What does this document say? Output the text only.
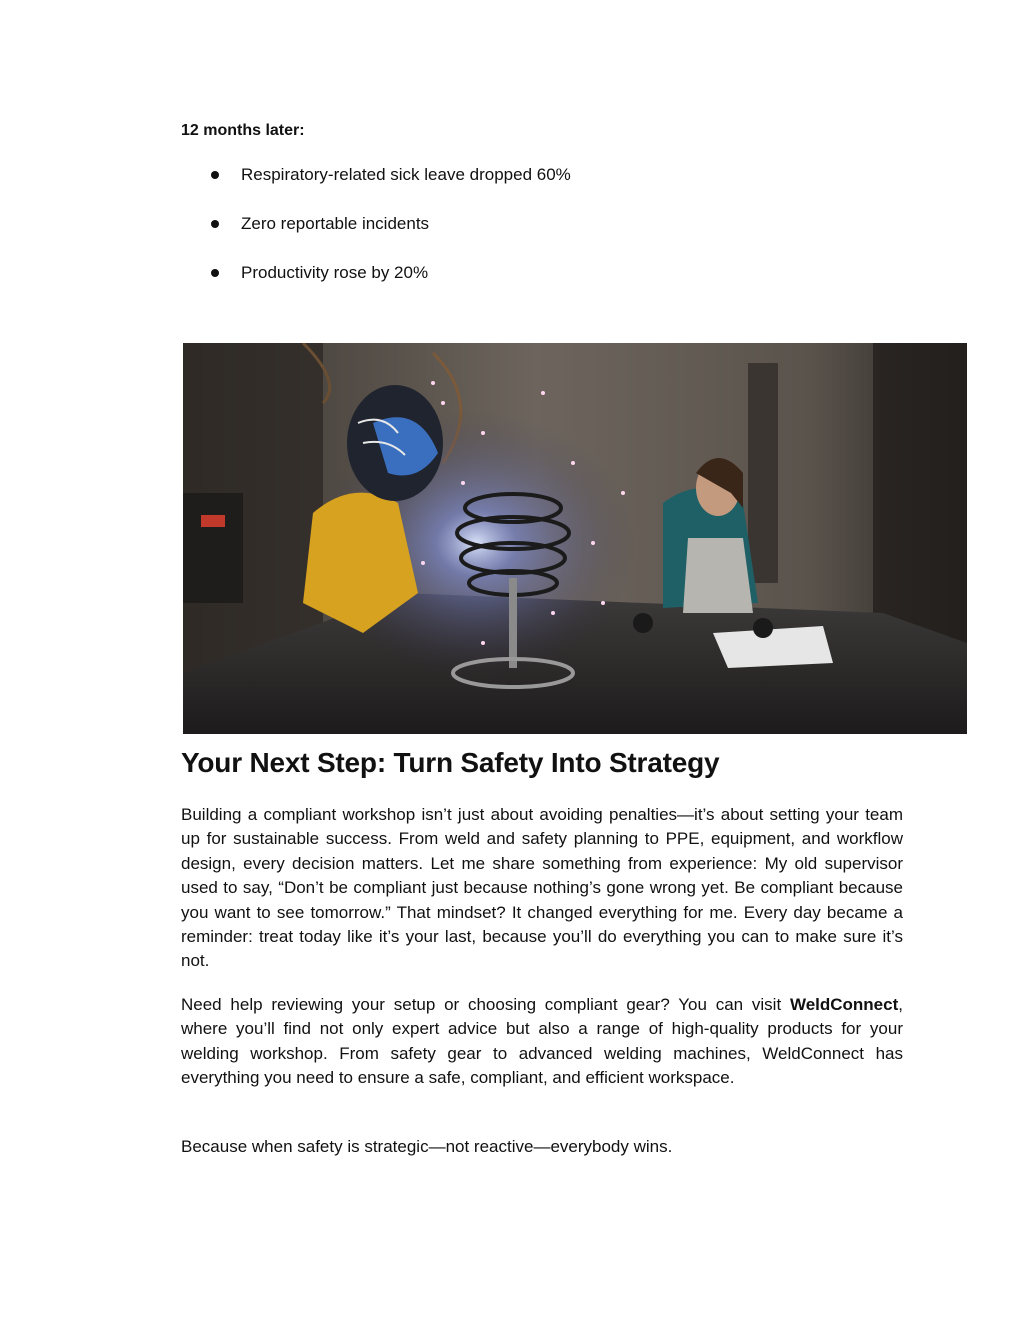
12 months later:

Respiratory-related sick leave dropped 60%
Zero reportable incidents
Productivity rose by 20%
Your Next Step: Turn Safety Into Strategy

Building a compliant workshop isn’t just about avoiding penalties—it’s about setting your team up for sustainable success. From weld and safety planning to PPE, equipment, and workflow design, every decision matters. Let me share something from experience: My old supervisor used to say, “Don’t be compliant just because nothing’s gone wrong yet. Be compliant because you want to see tomorrow.” That mindset? It changed everything for me. Every day became a reminder: treat today like it’s your last, because you’ll do everything you can to make sure it’s not.

Need help reviewing your setup or choosing compliant gear? You can visit WeldConnect, where you’ll find not only expert advice but also a range of high-quality products for your welding workshop. From safety gear to advanced welding machines, WeldConnect has everything you need to ensure a safe, compliant, and efficient workspace.

Because when safety is strategic—not reactive—everybody wins.
